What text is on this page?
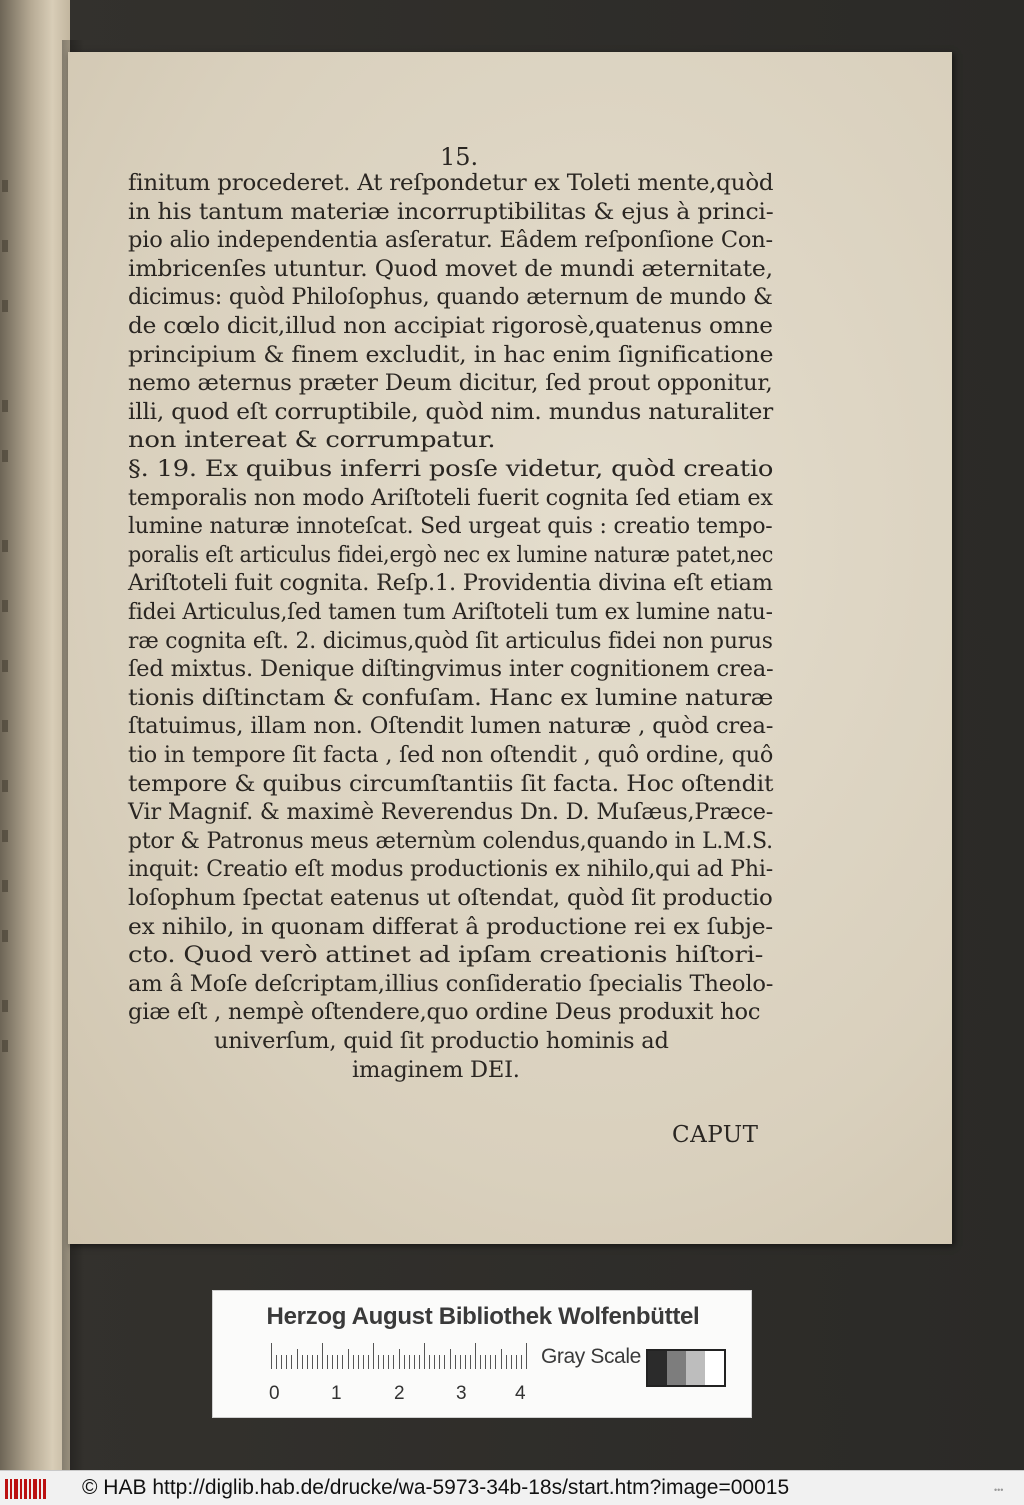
15.
finitum procederet. At reſpondetur ex Toleti mente,quòd
in his tantum materiæ incorruptibilitas & ejus à princi-
pio alio independentia asſeratur. Eâdem reſponſione Con-
imbricenſes utuntur. Quod movet de mundi æternitate,
dicimus: quòd Philoſophus, quando æternum de mundo &
de cœlo dicit,illud non accipiat rigorosè,quatenus omne
principium & finem excludit, in hac enim ſignificatione
nemo æternus præter Deum dicitur, ſed prout opponitur,
illi, quod eſt corruptibile, quòd nim. mundus naturaliter
non intereat & corrumpatur.
§. 19. Ex quibus inferri posſe videtur, quòd creatio
temporalis non modo Ariſtoteli fuerit cognita ſed etiam ex
lumine naturæ innoteſcat. Sed urgeat quis : creatio tempo-
poralis eſt articulus fidei,ergò nec ex lumine naturæ patet,nec
Ariſtoteli fuit cognita. Reſp.1. Providentia divina eſt etiam
fidei Articulus,ſed tamen tum Ariſtoteli tum ex lumine natu-
ræ cognita eſt. 2. dicimus,quòd ſit articulus fidei non purus
ſed mixtus. Denique diſtingvimus inter cognitionem crea-
tionis diſtinctam & confuſam. Hanc ex lumine naturæ
ſtatuimus, illam non. Oſtendit lumen naturæ , quòd crea-
tio in tempore ſit facta , ſed non oſtendit , quô ordine, quô
tempore & quibus circumſtantiis ſit facta. Hoc oſtendit
Vir Magnif. & maximè Reverendus Dn. D. Muſæus,Præce-
ptor & Patronus meus æternùm colendus,quando in L.M.S.
inquit: Creatio eſt modus productionis ex nihilo,qui ad Phi-
loſophum ſpectat eatenus ut oſtendat, quòd ſit productio
ex nihilo, in quonam differat â productione rei ex ſubje-
cto. Quod verò attinet ad ipſam creationis hiſtori-
am â Moſe deſcriptam,illius conſideratio ſpecialis Theolo-
giæ eſt , nempè oſtendere,quo ordine Deus produxit hoc
univerſum, quid ſit productio hominis ad
imaginem DEI.
CAPUT
Herzog August Bibliothek Wolfenbüttel
0	1	2	3	4
Gray Scale
© HAB http://diglib.hab.de/drucke/wa-5973-34b-18s/start.htm?image=00015	•••
